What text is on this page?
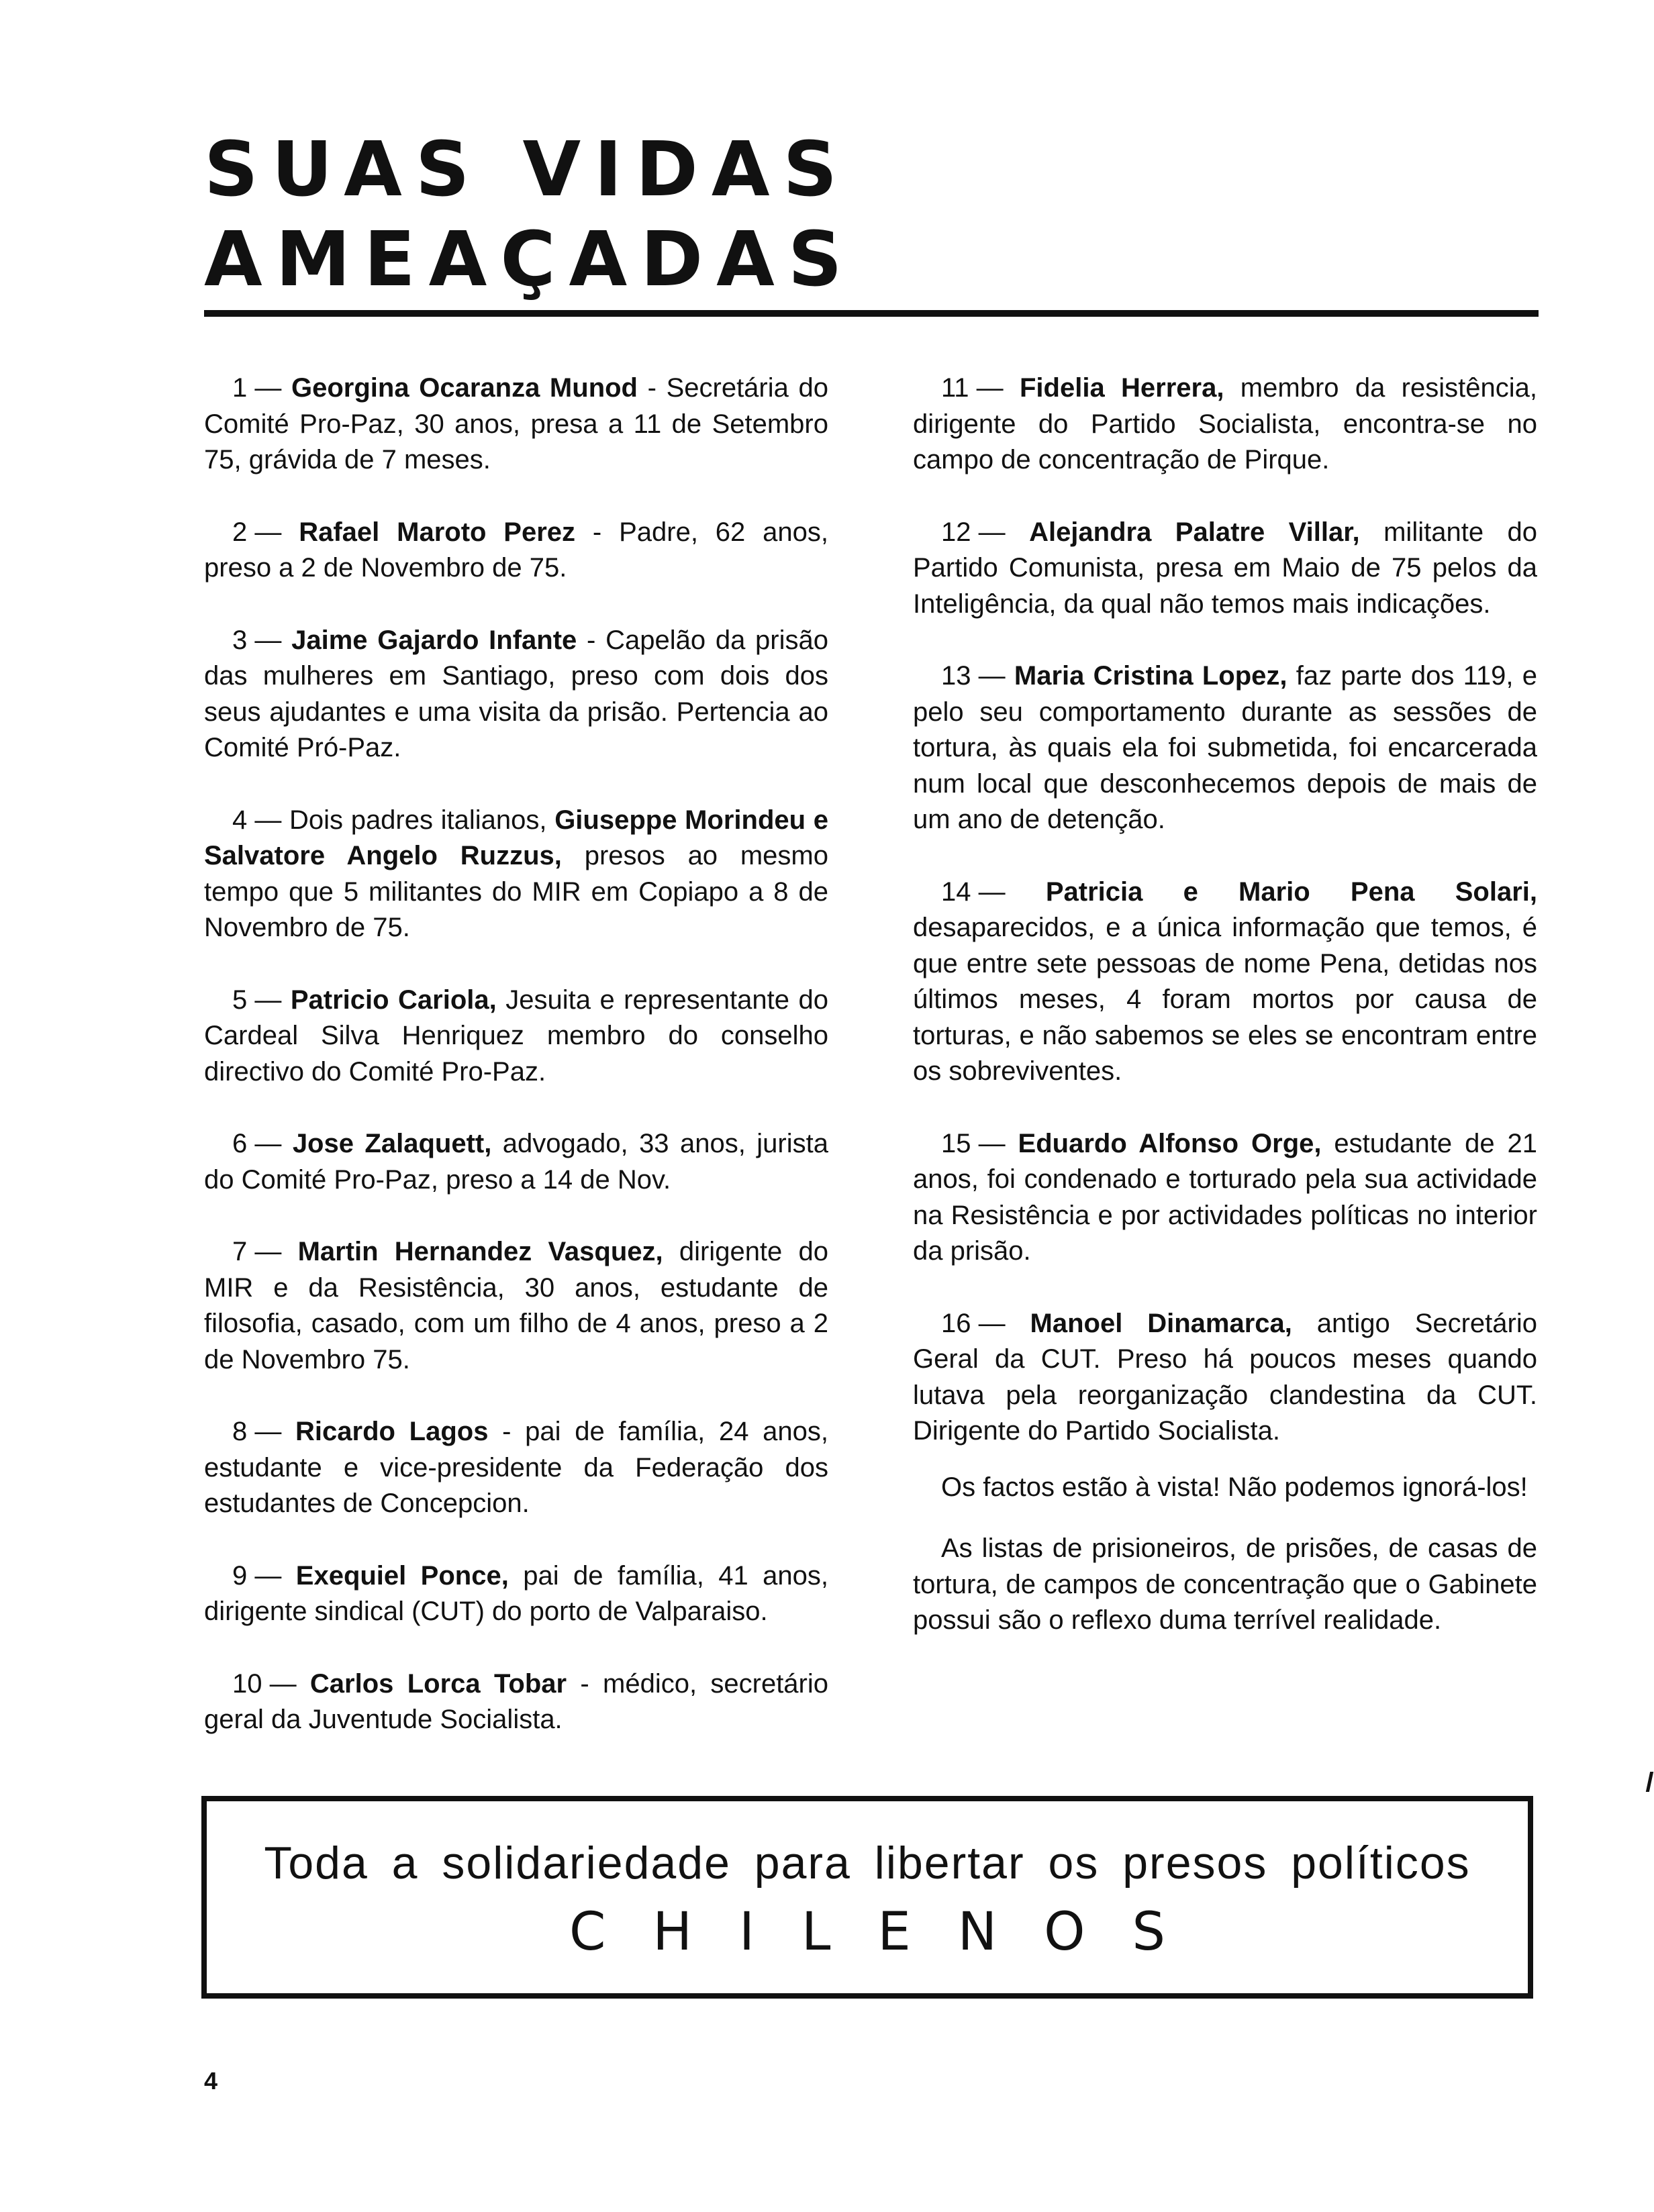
SUAS VIDAS
AMEAÇADAS

1 — Georgina Ocaranza Munod - Secretária do Comité Pro-Paz, 30 anos, presa a 11 de Setembro 75, grávida de 7 meses.

2 — Rafael Maroto Perez - Padre, 62 anos, preso a 2 de Novembro de 75.

3 — Jaime Gajardo Infante - Capelão da prisão das mulheres em Santiago, preso com dois dos seus ajudantes e uma visita da prisão. Pertencia ao Comité Pró-Paz.

4 — Dois padres italianos, Giuseppe Morindeu e Salvatore Angelo Ruzzus, presos ao mesmo tempo que 5 militantes do MIR em Copiapo a 8 de Novembro de 75.

5 — Patricio Cariola, Jesuita e representante do Cardeal Silva Henriquez membro do conselho directivo do Comité Pro-Paz.

6 — Jose Zalaquett, advogado, 33 anos, jurista do Comité Pro-Paz, preso a 14 de Nov.

7 — Martin Hernandez Vasquez, dirigente do MIR e da Resistência, 30 anos, estudante de filosofia, casado, com um filho de 4 anos, preso a 2 de Novembro 75.

8 — Ricardo Lagos - pai de família, 24 anos, estudante e vice-presidente da Federação dos estudantes de Concepcion.

9 — Exequiel Ponce, pai de família, 41 anos, dirigente sindical (CUT) do porto de Valparaiso.

10 — Carlos Lorca Tobar - médico, secretário geral da Juventude Socialista.

11 — Fidelia Herrera, membro da resistência, dirigente do Partido Socialista, encontra-se no campo de concentração de Pirque.

12 — Alejandra Palatre Villar, militante do Partido Comunista, presa em Maio de 75 pelos da Inteligência, da qual não temos mais indicações.

13 — Maria Cristina Lopez, faz parte dos 119, e pelo seu comportamento durante as sessões de tortura, às quais ela foi submetida, foi encarcerada num local que desconhecemos depois de mais de um ano de detenção.

14 — Patricia e Mario Pena Solari, desaparecidos, e a única informação que temos, é que entre sete pessoas de nome Pena, detidas nos últimos meses, 4 foram mortos por causa de torturas, e não sabemos se eles se encontram entre os sobreviventes.

15 — Eduardo Alfonso Orge, estudante de 21 anos, foi condenado e torturado pela sua actividade na Resistência e por actividades políticas no interior da prisão.

16 — Manoel Dinamarca, antigo Secretário Geral da CUT. Preso há poucos meses quando lutava pela reorganização clandestina da CUT. Dirigente do Partido Socialista.

Os factos estão à vista! Não podemos ignorá-los!

As listas de prisioneiros, de prisões, de casas de tortura, de campos de concentração que o Gabinete possui são o reflexo duma terrível realidade.

Toda a solidariedade para libertar os presos políticos
CHILENOS
4
